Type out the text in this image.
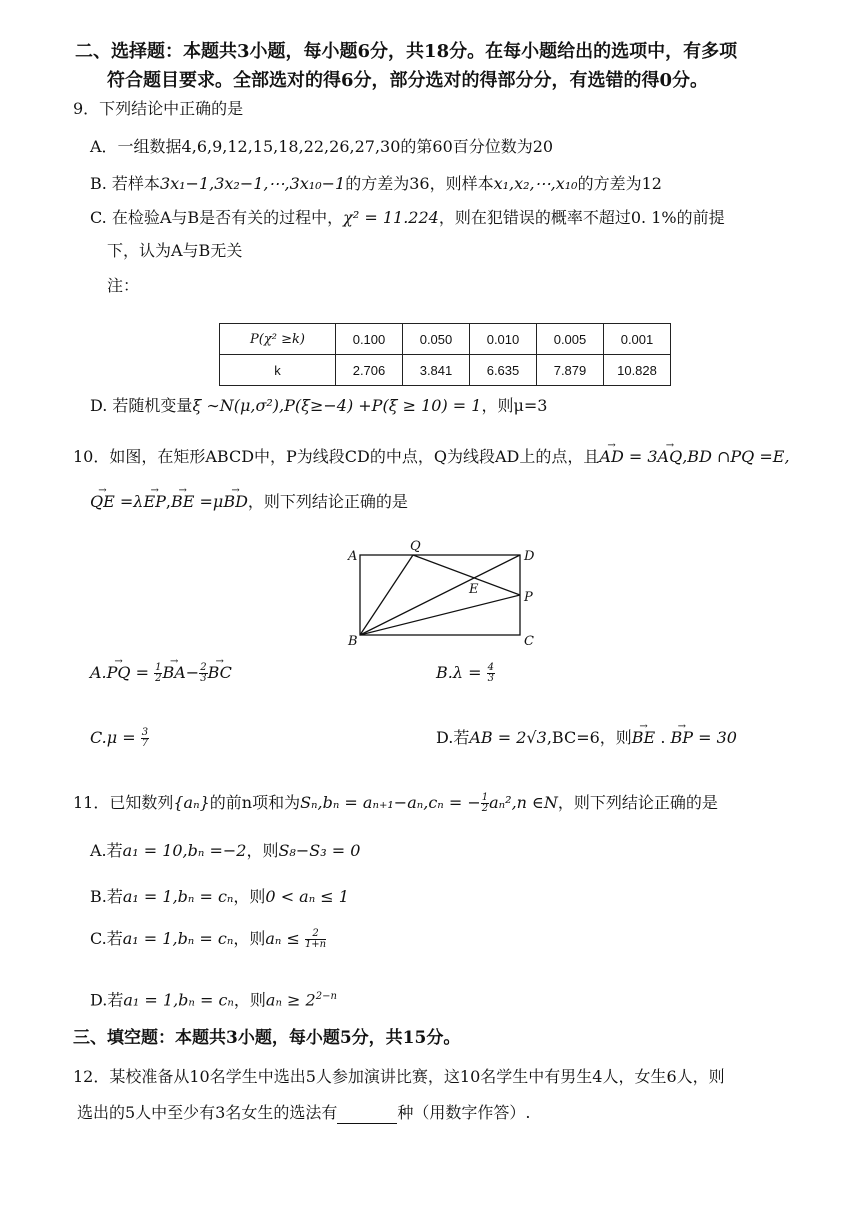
二、选择题：本题共3小题，每小题6分，共18分。在每小题给出的选项中，有多项
符合题目要求。全部选对的得6分，部分选对的得部分分，有选错的得0分。
9．下列结论中正确的是
A．一组数据4,6,9,12,15,18,22,26,27,30的第60百分位数为20
B. 若样本3x₁−1,3x₂−1,⋯,3x₁₀−1的方差为36，则样本x₁,x₂,⋯,x₁₀的方差为12
C. 在检验A与B是否有关的过程中，χ² = 11.224，则在犯错误的概率不超过0. 1%的前提
下，认为A与B无关
注：
P(χ² ≥k)	0.100	0.050	0.010	0.005	0.001
k	2.706	3.841	6.635	7.879	10.828
D. 若随机变量ξ ∼N(μ,σ²),P(ξ≥−4) +P(ξ ≥ 10) = 1，则μ=3
10．如图，在矩形ABCD中，P为线段CD的中点，Q为线段AD上的点，且→ AD = 3→ AQ,BD ∩PQ =E,
→ QE =λ→ EP,→ BE =μ→ BD，则下列结论正确的是
A
Q
D
E
P
B	C
A.→ PQ = $\frac{1}{2} \to BA- \frac{2}{3}$ → BC	$B.\lambda = \frac{4}{3}$
$C.\mu = \frac{3}{7}$	D.若AB = 2√3,BC=6，则→ BE . → BP = 30
11．已知数列{aₙ}的前n项和为Sₙ,bₙ = aₙ₊₁−aₙ,cₙ = − $\frac{1}{2} a_n^2,n$ ∈N，则下列结论正确的是
A.若a₁ = 10,bₙ =−2，则S₈−S₃ = 0
B.若a₁ = 1,bₙ = cₙ，则0 < aₙ ≤ 1
C.若a₁ = 1,bₙ = cₙ，则$a_n \le \frac{2}{1+n}$
D.若a₁ = 1,bₙ = cₙ，则$a_n \ge 2^{2-n}$
三、填空题：本题共3小题，每小题5分，共15分。
12．某校准备从10名学生中选出5人参加演讲比赛，这10名学生中有男生4人，女生6人，则
选出的5人中至少有3名女生的选法有	种（用数字作答）.
